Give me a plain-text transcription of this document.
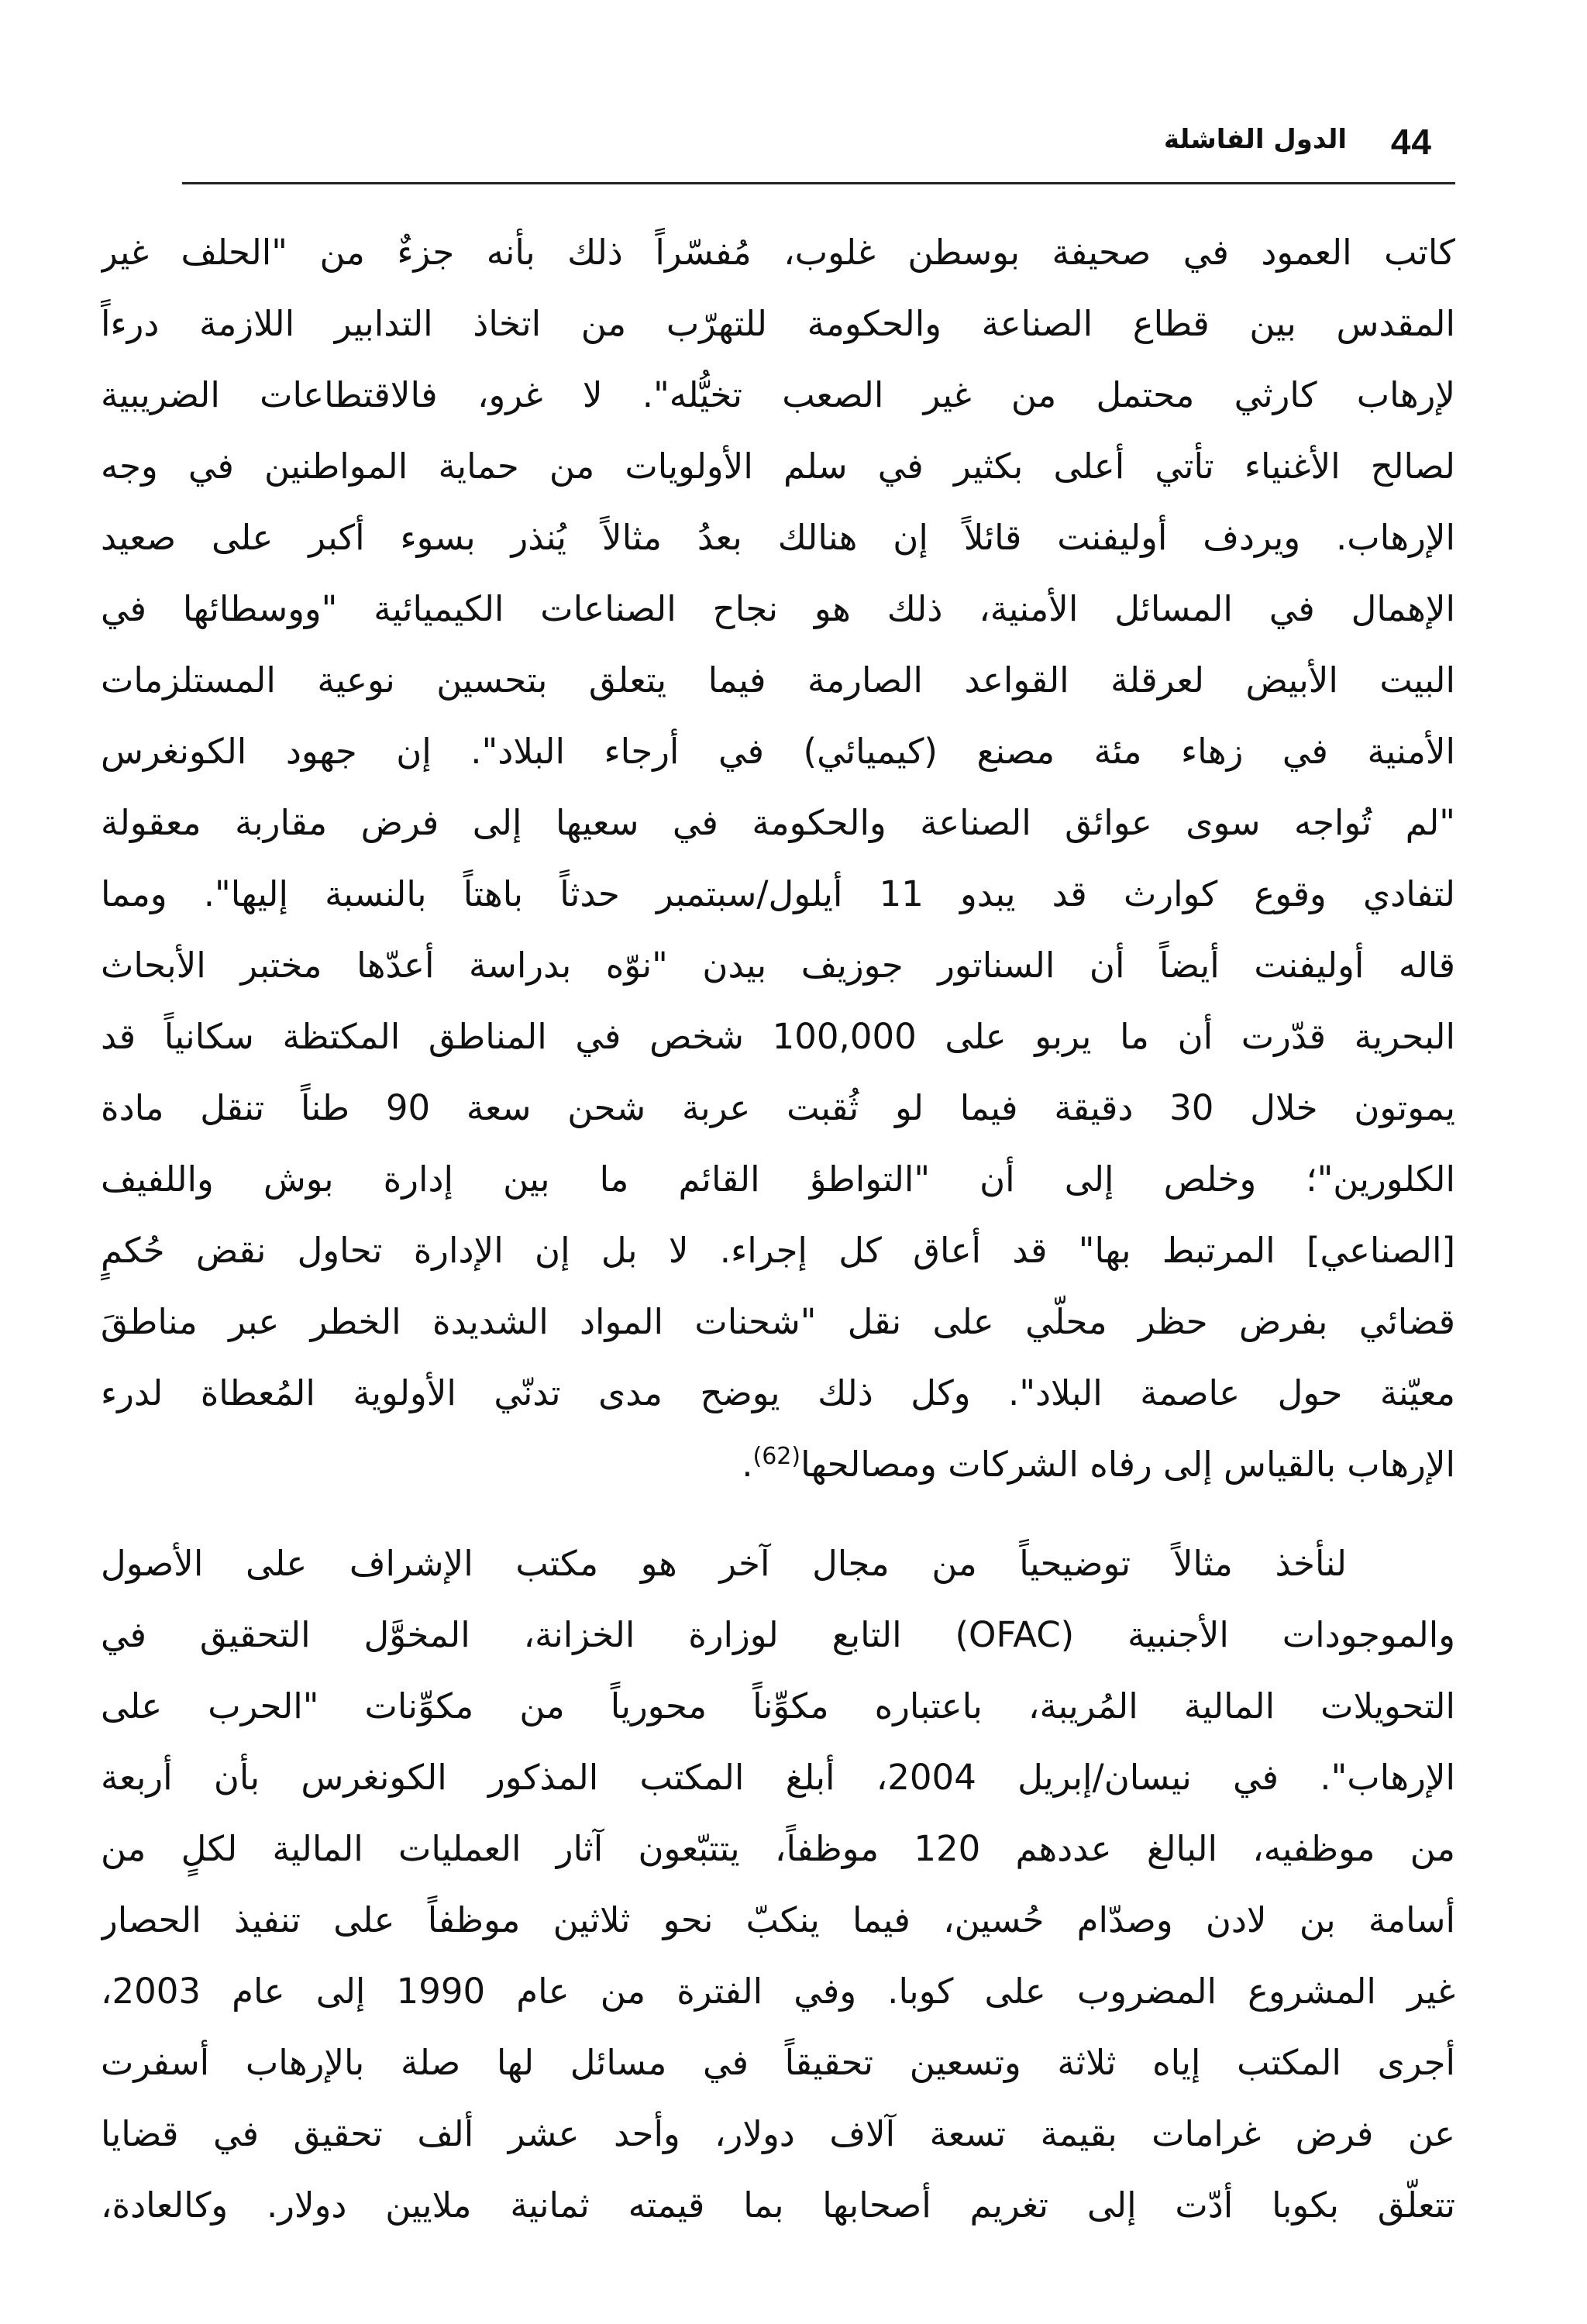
44
الدول الفاشلة
كاتب العمود في صحيفة بوسطن غلوب، مُفسّراً ذلك بأنه جزءٌ من "الحلف غير
المقدس بين قطاع الصناعة والحكومة للتهرّب من اتخاذ التدابير اللازمة درءاً
لإرهاب كارثي محتمل من غير الصعب تخيُّله". لا غرو، فالاقتطاعات الضريبية
لصالح الأغنياء تأتي أعلى بكثير في سلم الأولويات من حماية المواطنين في وجه
الإرهاب. ويردف أوليفنت قائلاً إن هنالك بعدُ مثالاً يُنذر بسوء أكبر على صعيد
الإهمال في المسائل الأمنية، ذلك هو نجاح الصناعات الكيميائية "ووسطائها في
البيت الأبيض لعرقلة القواعد الصارمة فيما يتعلق بتحسين نوعية المستلزمات
الأمنية في زهاء مئة مصنع (كيميائي) في أرجاء البلاد". إن جهود الكونغرس
"لم تُواجه سوى عوائق الصناعة والحكومة في سعيها إلى فرض مقاربة معقولة
لتفادي وقوع كوارث قد يبدو 11 أيلول/سبتمبر حدثاً باهتاً بالنسبة إليها". ومما
قاله أوليفنت أيضاً أن السناتور جوزيف بيدن "نوّه بدراسة أعدّها مختبر الأبحاث
البحرية قدّرت أن ما يربو على 100,000 شخص في المناطق المكتظة سكانياً قد
يموتون خلال 30 دقيقة فيما لو ثُقبت عربة شحن سعة 90 طناً تنقل مادة
الكلورين"؛ وخلص إلى أن "التواطؤ القائم ما بين إدارة بوش واللفيف
[الصناعي] المرتبط بها" قد أعاق كل إجراء. لا بل إن الإدارة تحاول نقض حُكمٍ
قضائي بفرض حظر محلّي على نقل "شحنات المواد الشديدة الخطر عبر مناطقَ
معيّنة حول عاصمة البلاد". وكل ذلك يوضح مدى تدنّي الأولوية المُعطاة لدرء
الإرهاب بالقياس إلى رفاه الشركات ومصالحها$^{(62)}$.
لنأخذ مثالاً توضيحياً من مجال آخر هو مكتب الإشراف على الأصول
والموجودات الأجنبية (OFAC) التابع لوزارة الخزانة، المخوَّل التحقيق في
التحويلات المالية المُريبة، باعتباره مكوِّناً محورياً من مكوِّنات "الحرب على
الإرهاب". في نيسان/إبريل 2004، أبلغ المكتب المذكور الكونغرس بأن أربعة
من موظفيه، البالغ عددهم 120 موظفاً، يتتبّعون آثار العمليات المالية لكلٍ من
أسامة بن لادن وصدّام حُسين، فيما ينكبّ نحو ثلاثين موظفاً على تنفيذ الحصار
غير المشروع المضروب على كوبا. وفي الفترة من عام 1990 إلى عام 2003،
أجرى المكتب إياه ثلاثة وتسعين تحقيقاً في مسائل لها صلة بالإرهاب أسفرت
عن فرض غرامات بقيمة تسعة آلاف دولار، وأحد عشر ألف تحقيق في قضايا
تتعلّق بكوبا أدّت إلى تغريم أصحابها بما قيمته ثمانية ملايين دولار. وكالعادة،
